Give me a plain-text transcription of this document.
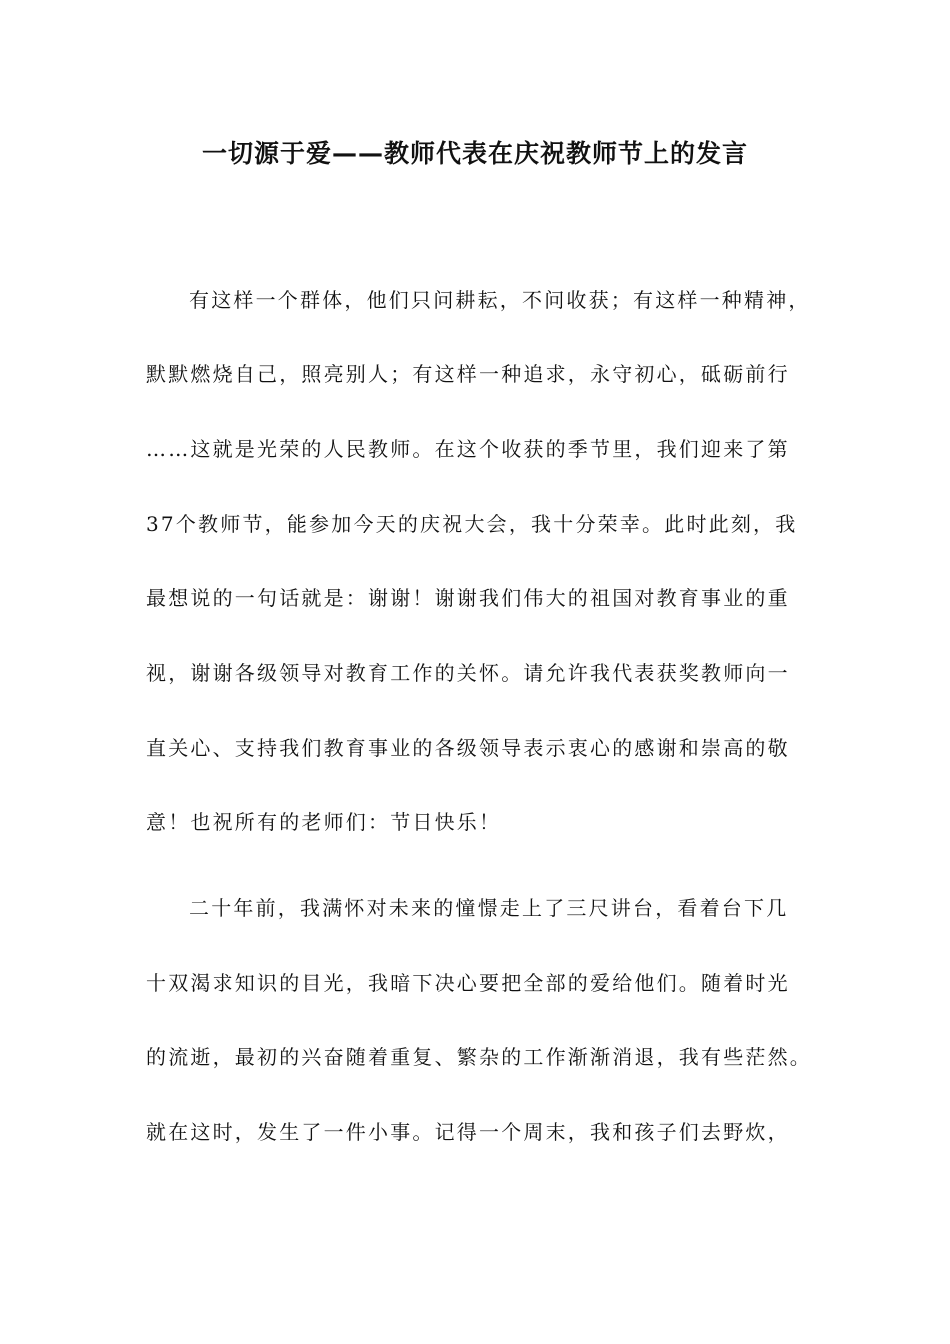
一切源于爱——教师代表在庆祝教师节上的发言

有这样一个群体，他们只问耕耘，不问收获；有这样一种精神，

默默燃烧自己，照亮别人；有这样一种追求，永守初心，砥砺前行

……这就是光荣的人民教师。在这个收获的季节里，我们迎来了第

37个教师节，能参加今天的庆祝大会，我十分荣幸。此时此刻，我

最想说的一句话就是：谢谢！谢谢我们伟大的祖国对教育事业的重

视，谢谢各级领导对教育工作的关怀。请允许我代表获奖教师向一

直关心、支持我们教育事业的各级领导表示衷心的感谢和崇高的敬

意！也祝所有的老师们：节日快乐！

二十年前，我满怀对未来的憧憬走上了三尺讲台，看着台下几

十双渴求知识的目光，我暗下决心要把全部的爱给他们。随着时光

的流逝，最初的兴奋随着重复、繁杂的工作渐渐消退，我有些茫然。

就在这时，发生了一件小事。记得一个周末，我和孩子们去野炊，
